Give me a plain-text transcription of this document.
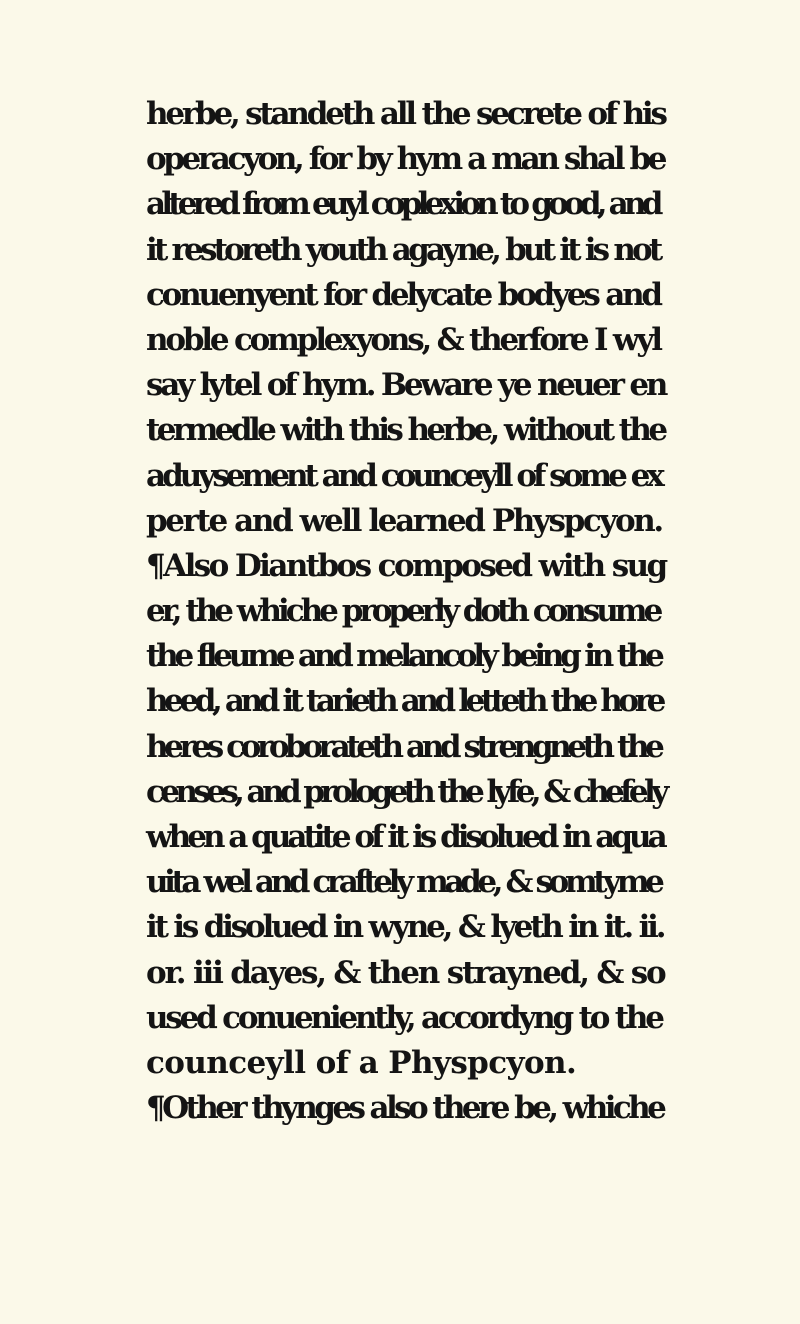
herbe, standeth all the secrete of his
operacyon, for by hym a man shal be
altered from euyl coplexion to good, and
it restoreth youth agayne, but it is not
conuenyent for delycate bodyes and
noble complexyons, & therfore I wyl
say lytel of hym. Beware ye neuer en
termedle with this herbe, without the
aduysement and counceyll of some ex
perte and well learned Physpcyon.
¶Also Diantbos composed with sug
er, the whiche properly doth consume
the fleume and melancoly being in the
heed, and it tarieth and letteth the hore
heres coroborateth and strengneth the
censes, and prologeth the lyfe, & chefely
when a quatite of it is disolued in aqua
uita wel and craftely made, & somtyme
it is disolued in wyne, & lyeth in it. ii.
or. iii dayes, & then strayned, & so
used conueniently, accordyng to the
counceyll of a Physpcyon.
¶Other thynges also there be, whiche
